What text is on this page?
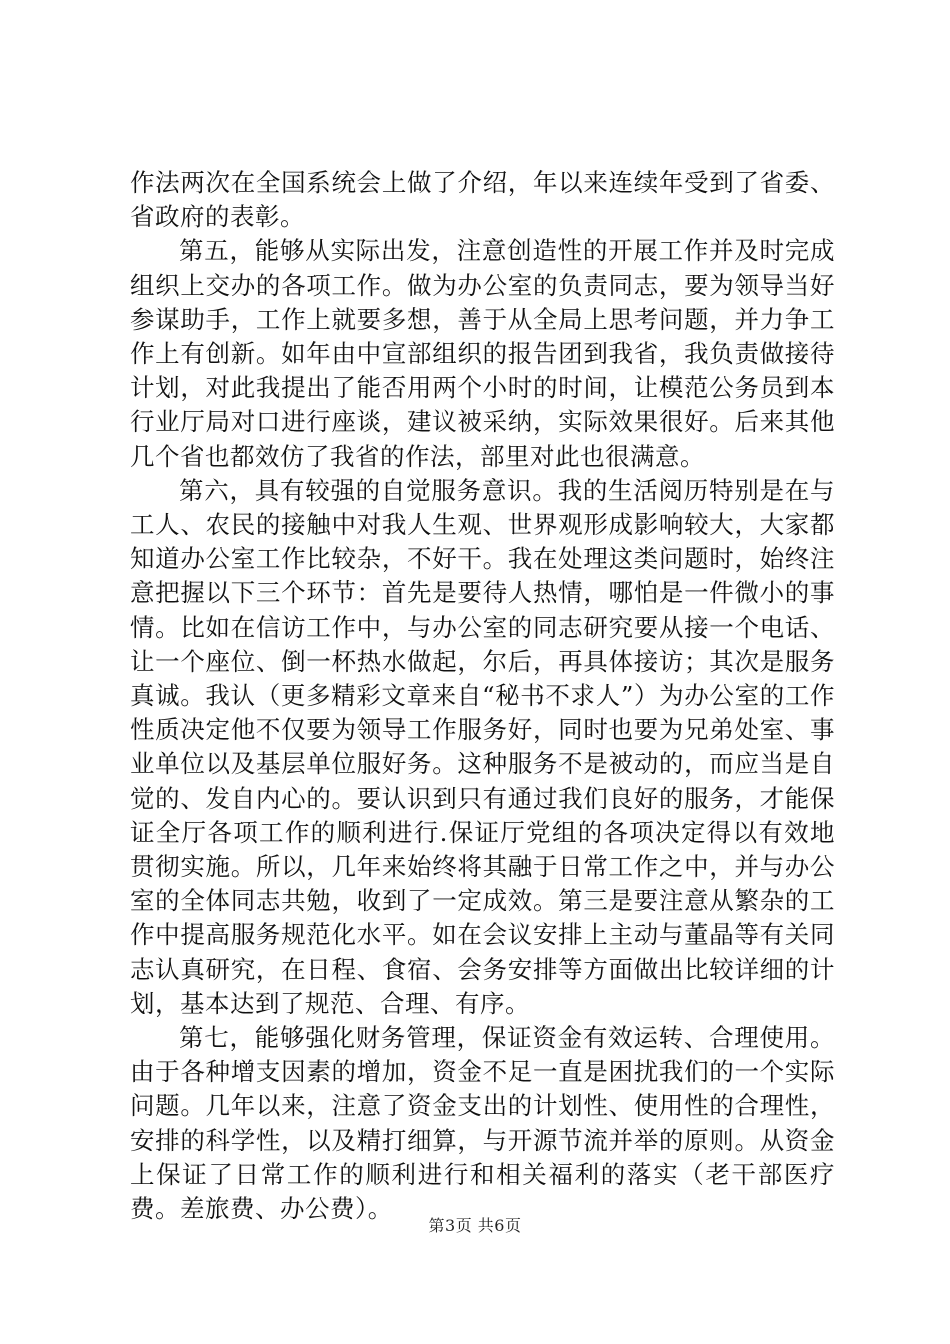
作法两次在全国系统会上做了介绍，年以来连续年受到了省委、省政府的表彰。

第五，能够从实际出发，注意创造性的开展工作并及时完成组织上交办的各项工作。做为办公室的负责同志，要为领导当好参谋助手，工作上就要多想，善于从全局上思考问题，并力争工作上有创新。如年由中宣部组织的报告团到我省，我负责做接待计划，对此我提出了能否用两个小时的时间，让模范公务员到本行业厅局对口进行座谈，建议被采纳，实际效果很好。后来其他几个省也都效仿了我省的作法，部里对此也很满意。

第六，具有较强的自觉服务意识。我的生活阅历特别是在与工人、农民的接触中对我人生观、世界观形成影响较大，大家都知道办公室工作比较杂，不好干。我在处理这类问题时，始终注意把握以下三个环节：首先是要待人热情，哪怕是一件微小的事情。比如在信访工作中，与办公室的同志研究要从接一个电话、让一个座位、倒一杯热水做起，尔后，再具体接访；其次是服务真诚。我认（更多精彩文章来自“秘书不求人”）为办公室的工作性质决定他不仅要为领导工作服务好，同时也要为兄弟处室、事业单位以及基层单位服好务。这种服务不是被动的，而应当是自觉的、发自内心的。要认识到只有通过我们良好的服务，才能保证全厅各项工作的顺利进行.保证厅党组的各项决定得以有效地贯彻实施。所以，几年来始终将其融于日常工作之中，并与办公室的全体同志共勉，收到了一定成效。第三是要注意从繁杂的工作中提高服务规范化水平。如在会议安排上主动与董晶等有关同志认真研究，在日程、食宿、会务安排等方面做出比较详细的计划，基本达到了规范、合理、有序。

第七，能够强化财务管理，保证资金有效运转、合理使用。由于各种增支因素的增加，资金不足一直是困扰我们的一个实际问题。几年以来，注意了资金支出的计划性、使用性的合理性，安排的科学性，以及精打细算，与开源节流并举的原则。从资金上保证了日常工作的顺利进行和相关福利的落实（老干部医疗费。差旅费、办公费）。

第3页 共6页
